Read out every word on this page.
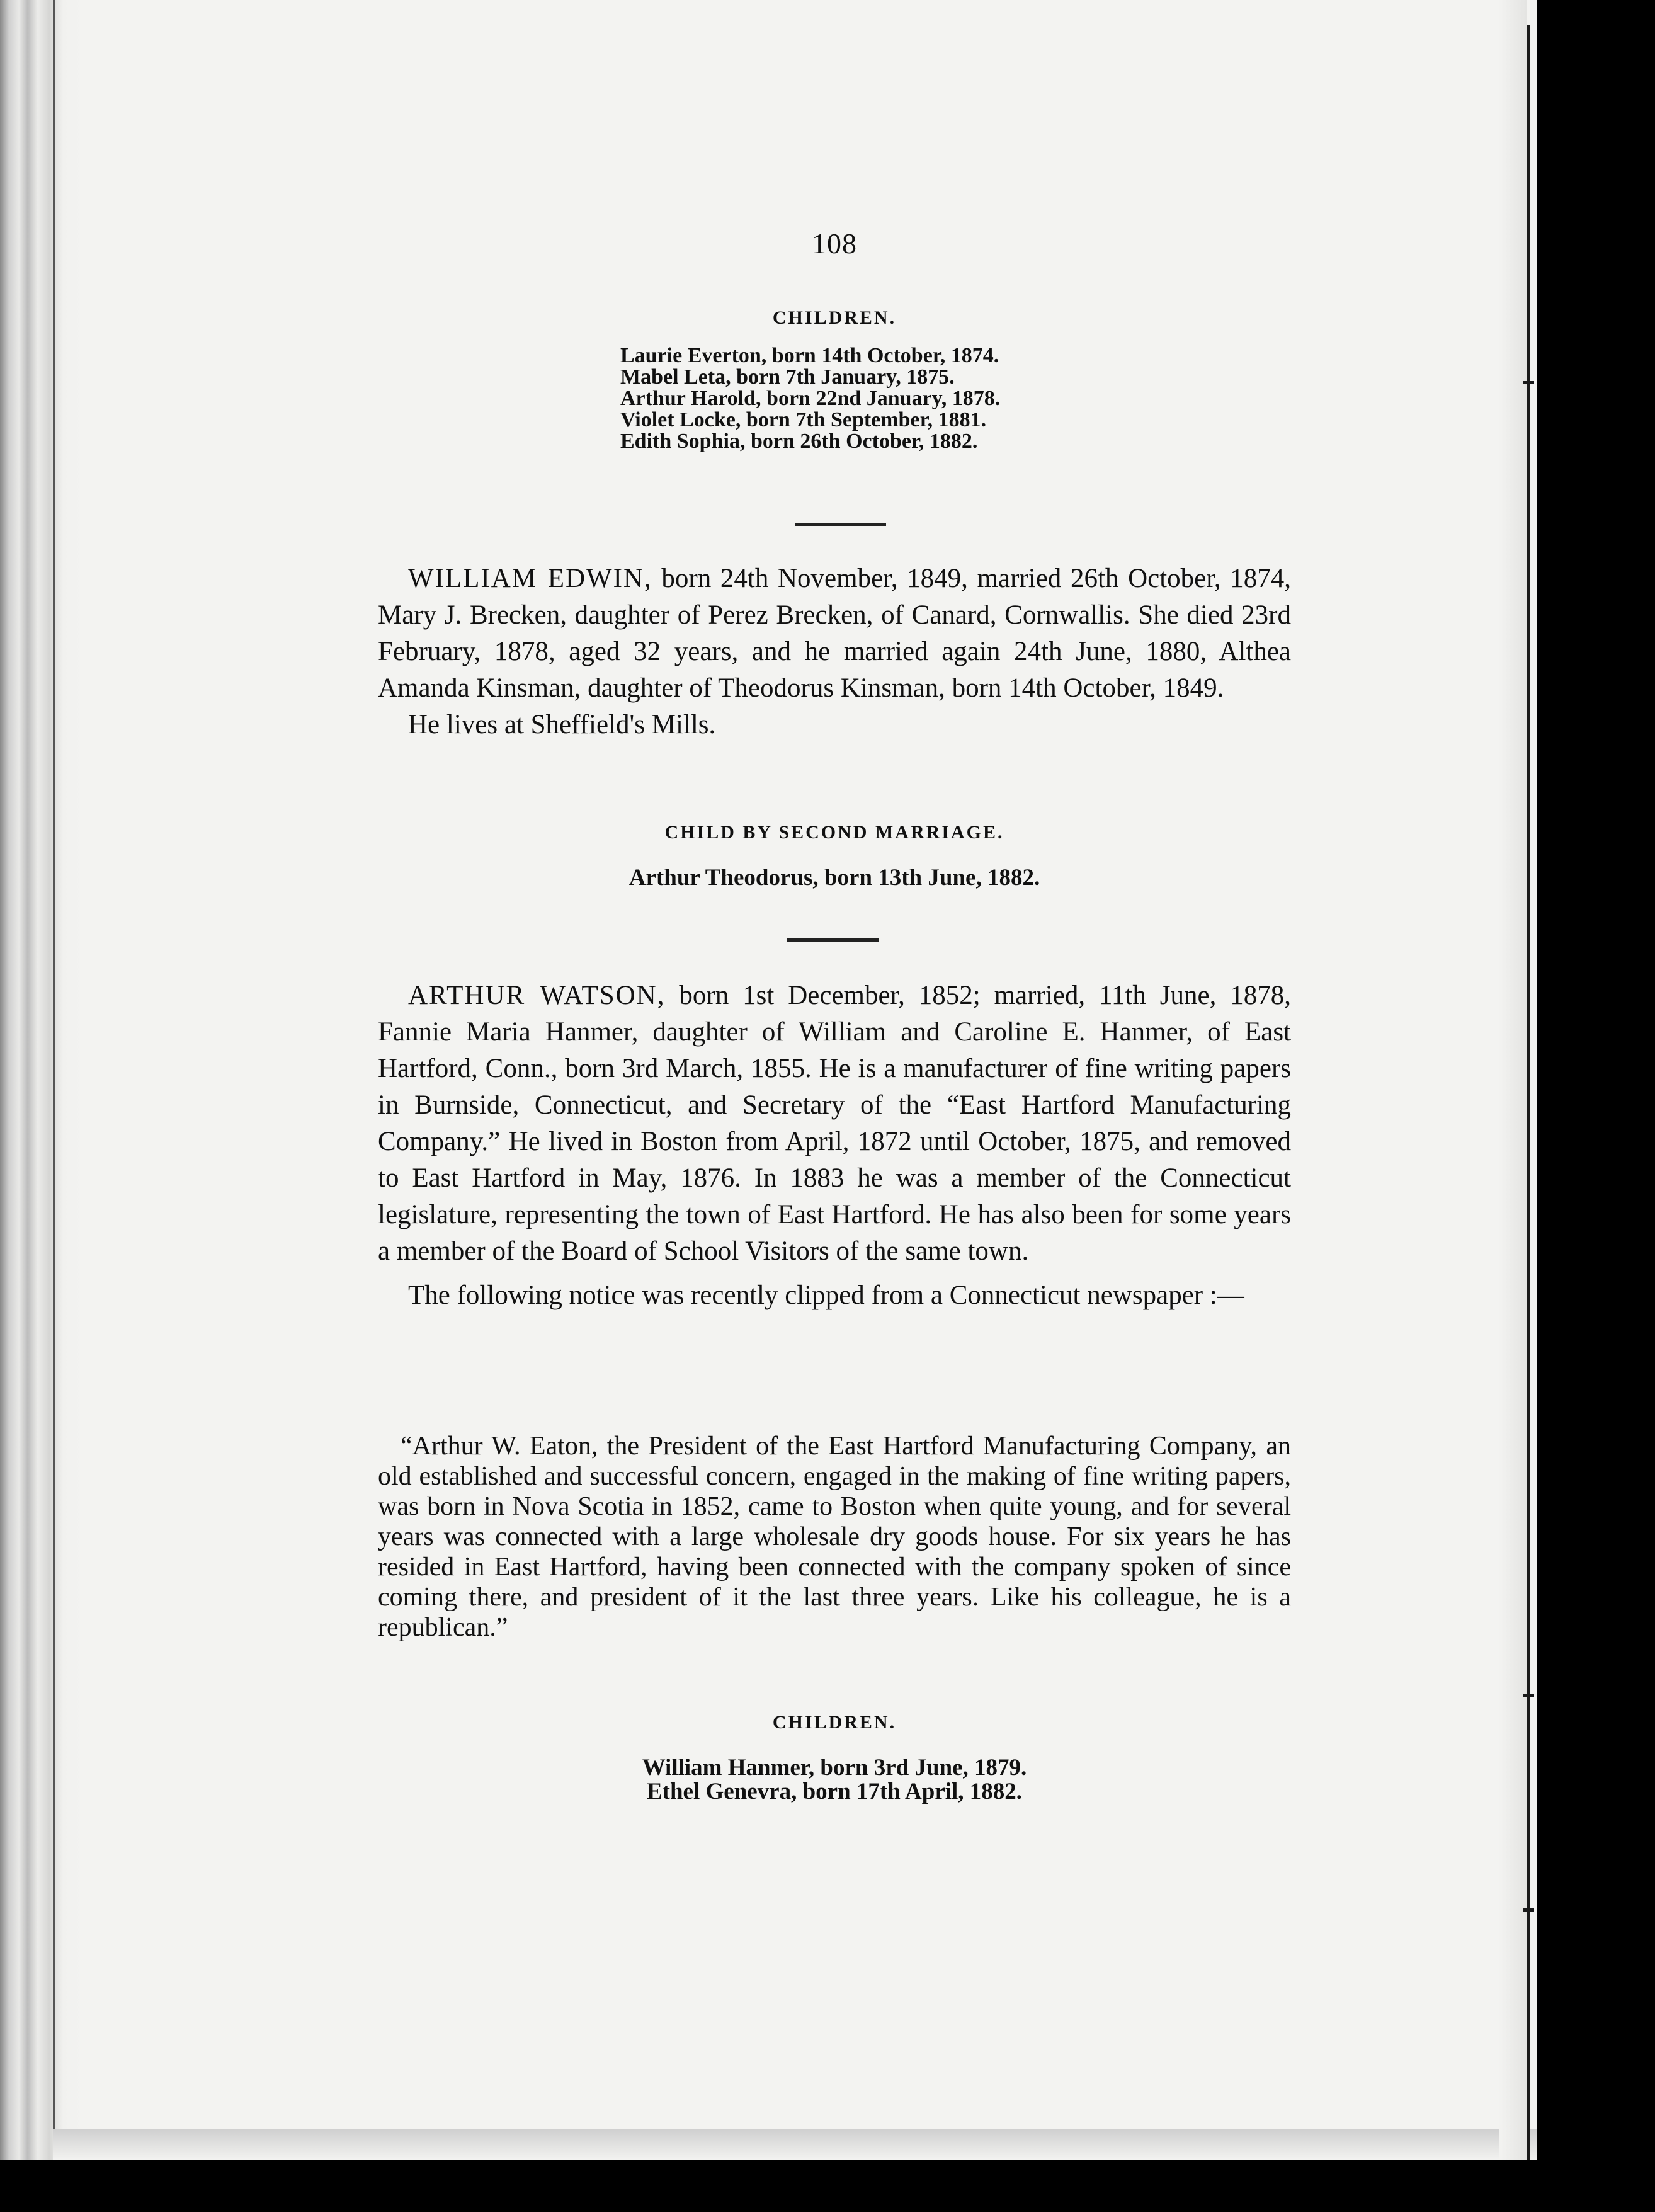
108
CHILDREN.
Laurie Everton, born 14th October, 1874.
Mabel Leta, born 7th January, 1875.
Arthur Harold, born 22nd January, 1878.
Violet Locke, born 7th September, 1881.
Edith Sophia, born 26th October, 1882.

WILLIAM EDWIN, born 24th November, 1849, married 26th October, 1874, Mary J. Brecken, daughter of Perez Brecken, of Canard, Cornwallis. She died 23rd February, 1878, aged 32 years, and he married again 24th June, 1880, Althea Amanda Kinsman, daughter of Theodorus Kinsman, born 14th October, 1849.

He lives at Sheffield's Mills.

CHILD BY SECOND MARRIAGE.
Arthur Theodorus, born 13th June, 1882.

ARTHUR WATSON, born 1st December, 1852; married, 11th June, 1878, Fannie Maria Hanmer, daughter of William and Caroline E. Hanmer, of East Hartford, Conn., born 3rd March, 1855. He is a manufacturer of fine writing papers in Burnside, Connecticut, and Secretary of the “East Hartford Manufacturing Company.” He lived in Boston from April, 1872 until October, 1875, and removed to East Hartford in May, 1876. In 1883 he was a member of the Connecticut legislature, representing the town of East Hartford. He has also been for some years a member of the Board of School Visitors of the same town.

The following notice was recently clipped from a Connecticut newspaper :—

“Arthur W. Eaton, the President of the East Hartford Manufacturing Company, an old established and successful concern, engaged in the making of fine writing papers, was born in Nova Scotia in 1852, came to Boston when quite young, and for several years was connected with a large wholesale dry goods house. For six years he has resided in East Hartford, having been connected with the company spoken of since coming there, and president of it the last three years. Like his colleague, he is a republican.”

CHILDREN.
William Hanmer, born 3rd June, 1879.
Ethel Genevra, born 17th April, 1882.
